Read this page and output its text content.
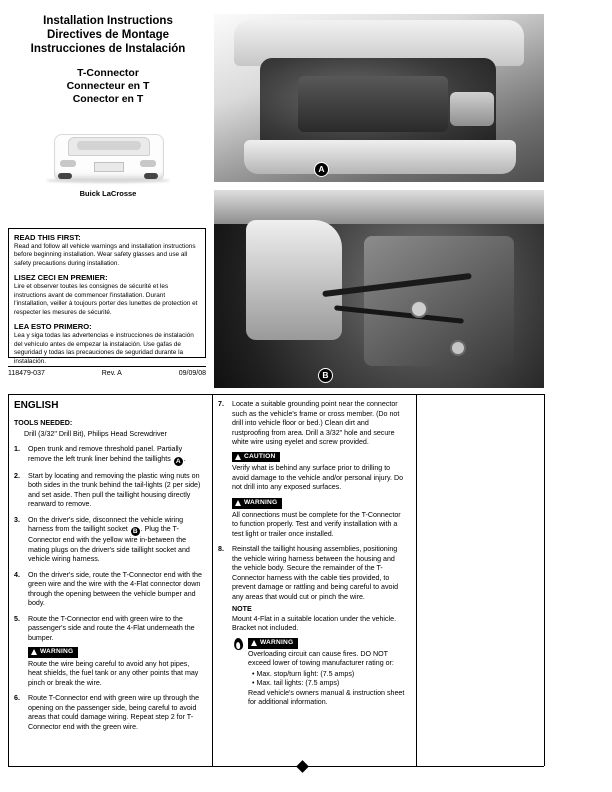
Installation Instructions
Directives de Montage
Instrucciones de Instalación
T-Connector
Connecteur en T
Conector en T
Buick LaCrosse

READ THIS FIRST:

Read and follow all vehicle warnings and installation instructions before beginning installation. Wear safety glasses and use all safety precautions during installation.

LISEZ CECI EN PREMIER:

Lire et observer toutes les consignes de sécurité et les instructions avant de commencer l'installation. Durant l'installation, veiller à toujours porter des lunettes de protection et respecter les mesures de sécurité.

LEA ESTO PRIMERO:

Lea y siga todas las advertencias e instrucciones de instalación del vehículo antes de empezar la instalación. Use gafas de seguridad y todas las precauciones de seguridad durante la instalación.

118479-037	Rev. A	09/09/08
A
B
ENGLISH
TOOLS NEEDED:
Drill (3/32" Drill Bit), Philips Head Screwdriver
1. Open trunk and remove threshold panel. Partially remove the left trunk liner behind the taillights A .
2. Start by locating and removing the plastic wing nuts on both sides in the trunk behind the tail-lights (2 per side) and set aside. Then pull the taillight housing directly rearward to remove.
3. On the driver's side, disconnect the vehicle wiring harness from the taillight socket B . Plug the T-Connector end with the yellow wire in-between the mating plugs on the driver's side taillight socket and vehicle wiring harness.
4. On the driver's side, route the T-Connector end with the green wire and the wire with the 4-Flat connector down through the opening between the vehicle bumper and body.
5. Route the T-Connector end with green wire to the passenger's side and route the 4-Flat underneath the bumper.
WARNING
Route the wire being careful to avoid any hot pipes, heat shields, the fuel tank or any other points that may pinch or break the wire.
6. Route T-Connector end with green wire up through the opening on the passenger side, being careful to avoid areas that could damage wiring. Repeat step 2 for T-Connector end with the green wire.
7. Locate a suitable grounding point near the connector such as the vehicle's frame or cross member. (Do not drill into vehicle floor or bed.) Clean dirt and rustproofing from area. Drill a 3/32" hole and secure white wire using eyelet and screw provided.
CAUTION
Verify what is behind any surface prior to drilling to avoid damage to the vehicle and/or personal injury. Do not drill into any exposed surfaces.
WARNING
All connections must be complete for the T-Connector to function properly. Test and verify installation with a test light or trailer once installed.
8. Reinstall the taillight housing assemblies, positioning the vehicle wiring harness between the housing and the vehicle body. Secure the remainder of the T-Connector harness with the cable ties provided, to prevent damage or rattling and being careful to avoid any areas that would cut or pinch the wire.
NOTE
Mount 4-Flat in a suitable location under the vehicle. Bracket not included.
WARNING
Overloading circuit can cause fires. DO NOT exceed lower of towing manufacturer rating or:
• Max. stop/turn light: (7.5 amps)
• Max. tail lights: (7.5 amps)
Read vehicle's owners manual & instruction sheet for additional information.
